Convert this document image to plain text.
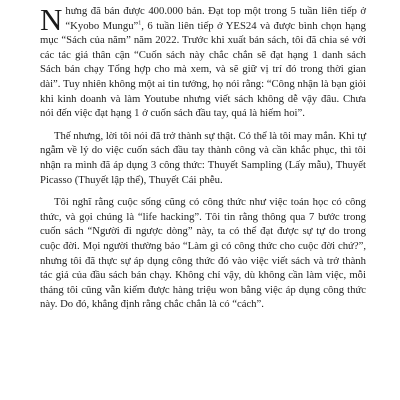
Nhưng đã bán được 400.000 bản. Đạt top một trong 5 tuần liên tiếp ở “Kyobo Mungu”$^1$, 6 tuần liên tiếp ở YES24 và được bình chọn hạng mục “Sách của năm” năm 2022. Trước khi xuất bản sách, tôi đã chia sẻ với các tác giả thân cận “Cuốn sách này chắc chắn sẽ đạt hạng 1 danh sách Sách bán chạy Tổng hợp cho mà xem, và sẽ giữ vị trí đó trong thời gian dài”. Tuy nhiên không một ai tin tưởng, họ nói rằng: “Công nhận là bạn giỏi khi kinh doanh và làm Youtube nhưng viết sách không dễ vậy đâu. Chưa nói đến việc đạt hạng 1 ở cuốn sách đầu tay, quá là hiếm hoi”.

Thế nhưng, lời tôi nói đã trở thành sự thật. Có thể là tôi may mắn. Khi tự ngẫm về lý do việc cuốn sách đầu tay thành công và cần khắc phục, thì tôi nhận ra mình đã áp dụng 3 công thức: Thuyết Sampling (Lấy mẫu), Thuyết Picasso (Thuyết lập thể), Thuyết Cái phễu.

Tôi nghĩ rằng cuộc sống cũng có công thức như việc toán học có công thức, và gọi chúng là “life hacking”. Tôi tin rằng thông qua 7 bước trong cuốn sách “Người đi ngược dòng” này, ta có thể đạt được sự tự do trong cuộc đời. Mọi người thường bảo “Làm gì có công thức cho cuộc đời chứ?”, nhưng tôi đã thực sự áp dụng công thức đó vào việc viết sách và trở thành tác giả của đầu sách bán chạy. Không chỉ vậy, dù không cần làm việc, mỗi tháng tôi cũng vẫn kiếm được hàng triệu won bằng việc áp dụng công thức này. Do đó, khẳng định rằng chắc chắn là có “cách”.
